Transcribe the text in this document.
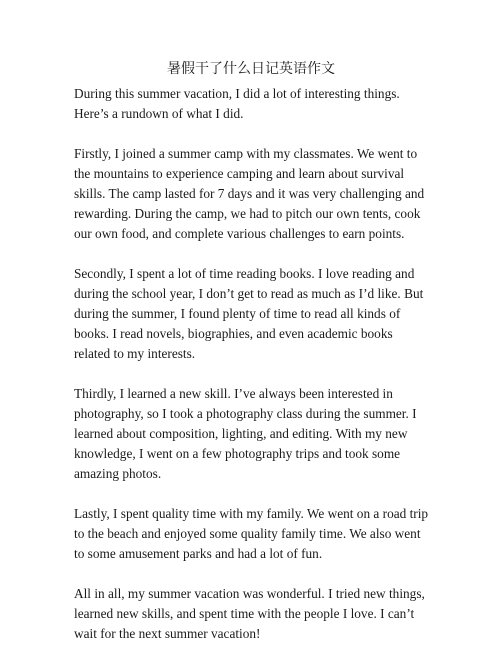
暑假干了什么日记英语作文

During this summer vacation, I did a lot of interesting things. Here’s a rundown of what I did.

Firstly, I joined a summer camp with my classmates. We went to the mountains to experience camping and learn about survival skills. The camp lasted for 7 days and it was very challenging and rewarding. During the camp, we had to pitch our own tents, cook our own food, and complete various challenges to earn points.

Secondly, I spent a lot of time reading books. I love reading and during the school year, I don’t get to read as much as I’d like. But during the summer, I found plenty of time to read all kinds of books. I read novels, biographies, and even academic books related to my interests.

Thirdly, I learned a new skill. I’ve always been interested in photography, so I took a photography class during the summer. I learned about composition, lighting, and editing. With my new knowledge, I went on a few photography trips and took some amazing photos.

Lastly, I spent quality time with my family. We went on a road trip to the beach and enjoyed some quality family time. We also went to some amusement parks and had a lot of fun.

All in all, my summer vacation was wonderful. I tried new things, learned new skills, and spent time with the people I love. I can’t wait for the next summer vacation!
